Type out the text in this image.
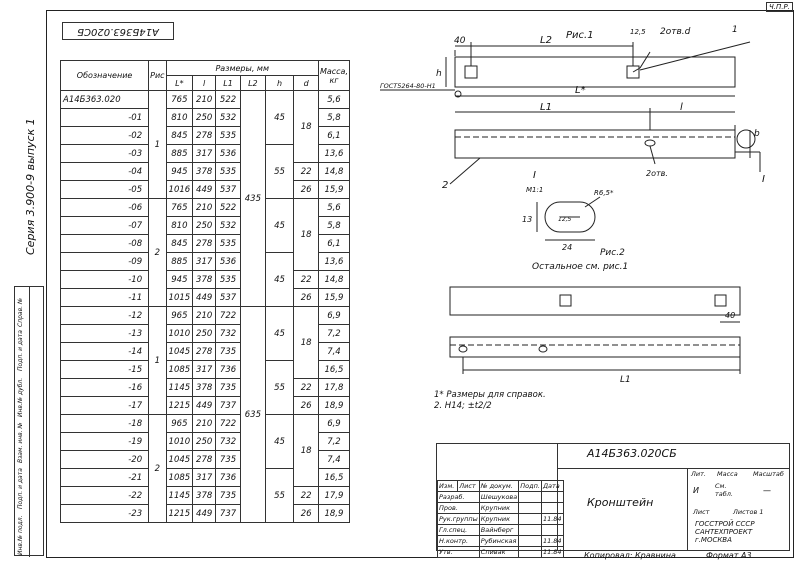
Ч.П.Р.
Серия 3.900-9 выпуск 1
Инв.№ подл.
Подп. и дата
Взам. инв. №
Инв.№ дубл.
Подп. и дата
Справ. №
А14Б363.020СБ
Обозначение	Рис	Размеры, мм						Масса, кг
		L*	l	L1	L2	h	d	
А14Б363.020	1	765	210	522	435	45	18	5,6
-01		810	250	532				5,8
-02		845	278	535				6,1
-03		885	317	536		55		13,6
-04		945	378	535			22	14,8
-05		1016	449	537			26	15,9
-06	2	765	210	522		45	18	5,6
-07		810	250	532				5,8
-08		845	278	535				6,1
-09		885	317	536		45		13,6
-10		945	378	535			22	14,8
-11		1015	449	537			26	15,9
-12	1	965	210	722	635	45	18	6,9
-13		1010	250	732				7,2
-14		1045	278	735				7,4
-15		1085	317	736		55		16,5
-16		1145	378	735			22	17,8
-17		1215	449	737			26	18,9
-18	2	965	210	722		45	18	6,9
-19		1010	250	732				7,2
-20		1045	278	735				7,4
-21		1085	317	736		55		16,5
-22		1145	378	735			22	17,9
-23		1215	449	737			26	18,9
Рис.1
40	L2
12,5 2отв.d	1
h
ГОСТ5264-80-Н1	L*
L1	l
b
2
2отв.
I
I
М1:1	R6,5*
13	12,5
24
Рис.2
Остальное см. рис.1
40
L1
1* Размеры для справок.
2. H14; ±t2/2
А14Б363.020СБ
Кронштейн
Лит. Масса Масштаб
И См. табл.	—
Лист	Листов 1
ГОССТРОЙ СССР
САНТЕХПРОЕКТ
г.МОСКВА
Изм.	Лист	№ докум.	Подп.	Дата
Разраб.		Шешукова		
Пров.		Крупник		
Рук.группы		Крупник		11.84
Гл.спец.		Вайнберг		
Н.контр.		Рубинская		11.84
Утв.		Спивак		11.84	Копировал: Кравнина	Формат А3
